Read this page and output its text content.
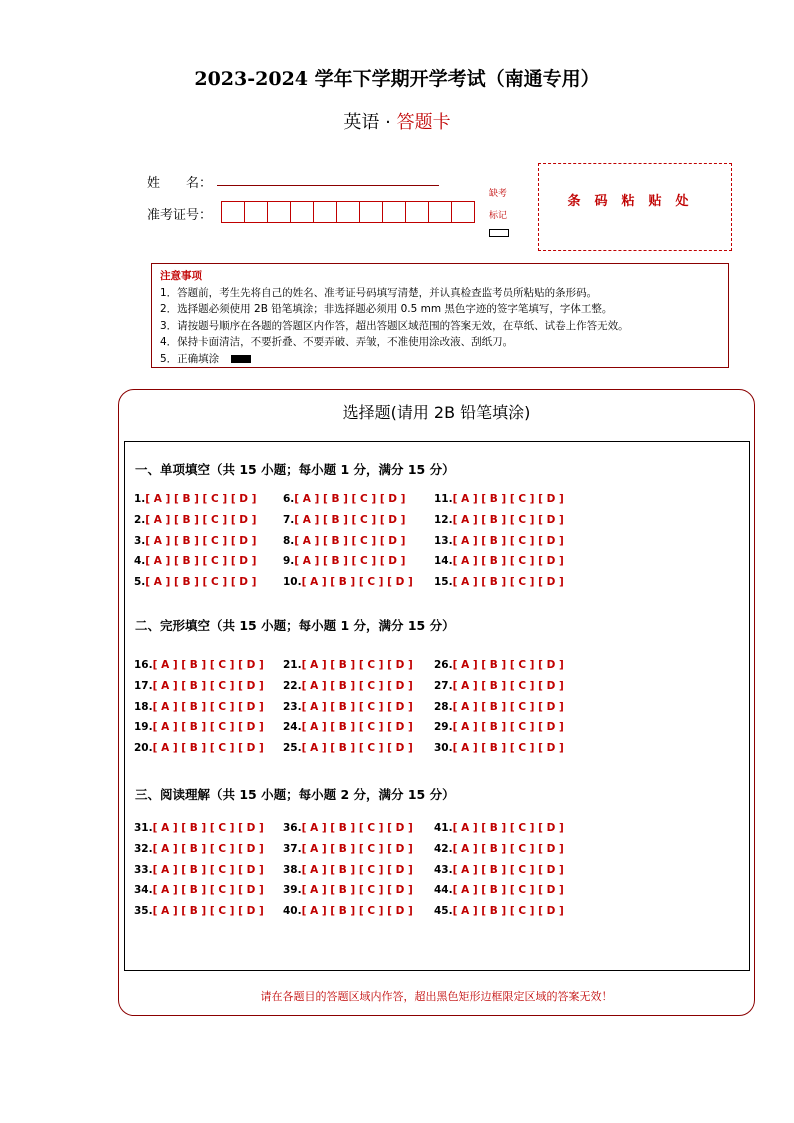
2023-2024 学年下学期开学考试（南通专用）
英语 · 答题卡
姓　　名：
准考证号：
缺考
标记
条码粘贴处
注意事项
1．答题前，考生先将自己的姓名、准考证号码填写清楚，并认真检查监考员所粘贴的条形码。
2．选择题必须使用 2B 铅笔填涂；非选择题必须用 0.5 mm 黑色字迹的签字笔填写，字体工整。
3．请按题号顺序在各题的答题区内作答，超出答题区域范围的答案无效，在草纸、试卷上作答无效。
4．保持卡面清洁，不要折叠、不要弄破、弄皱，不准使用涂改液、刮纸刀。
5．正确填涂
选择题(请用 2B 铅笔填涂)
一、单项填空（共 15 小题；每小题 1 分，满分 15 分）
二、完形填空（共 15 小题；每小题 1 分，满分 15 分）
三、阅读理解（共 15 小题；每小题 2 分，满分 15 分）
1.[ A ] [ B ] [ C ] [ D ]
2.[ A ] [ B ] [ C ] [ D ]
3.[ A ] [ B ] [ C ] [ D ]
4.[ A ] [ B ] [ C ] [ D ]
5.[ A ] [ B ] [ C ] [ D ]
6.[ A ] [ B ] [ C ] [ D ]
7.[ A ] [ B ] [ C ] [ D ]
8.[ A ] [ B ] [ C ] [ D ]
9.[ A ] [ B ] [ C ] [ D ]
10.[ A ] [ B ] [ C ] [ D ]
11.[ A ] [ B ] [ C ] [ D ]
12.[ A ] [ B ] [ C ] [ D ]
13.[ A ] [ B ] [ C ] [ D ]
14.[ A ] [ B ] [ C ] [ D ]
15.[ A ] [ B ] [ C ] [ D ]
16.[ A ] [ B ] [ C ] [ D ]
17.[ A ] [ B ] [ C ] [ D ]
18.[ A ] [ B ] [ C ] [ D ]
19.[ A ] [ B ] [ C ] [ D ]
20.[ A ] [ B ] [ C ] [ D ]
21.[ A ] [ B ] [ C ] [ D ]
22.[ A ] [ B ] [ C ] [ D ]
23.[ A ] [ B ] [ C ] [ D ]
24.[ A ] [ B ] [ C ] [ D ]
25.[ A ] [ B ] [ C ] [ D ]
26.[ A ] [ B ] [ C ] [ D ]
27.[ A ] [ B ] [ C ] [ D ]
28.[ A ] [ B ] [ C ] [ D ]
29.[ A ] [ B ] [ C ] [ D ]
30.[ A ] [ B ] [ C ] [ D ]
31.[ A ] [ B ] [ C ] [ D ]
32.[ A ] [ B ] [ C ] [ D ]
33.[ A ] [ B ] [ C ] [ D ]
34.[ A ] [ B ] [ C ] [ D ]
35.[ A ] [ B ] [ C ] [ D ]
36.[ A ] [ B ] [ C ] [ D ]
37.[ A ] [ B ] [ C ] [ D ]
38.[ A ] [ B ] [ C ] [ D ]
39.[ A ] [ B ] [ C ] [ D ]
40.[ A ] [ B ] [ C ] [ D ]
41.[ A ] [ B ] [ C ] [ D ]
42.[ A ] [ B ] [ C ] [ D ]
43.[ A ] [ B ] [ C ] [ D ]
44.[ A ] [ B ] [ C ] [ D ]
45.[ A ] [ B ] [ C ] [ D ]
请在各题目的答题区域内作答，超出黑色矩形边框限定区域的答案无效！
